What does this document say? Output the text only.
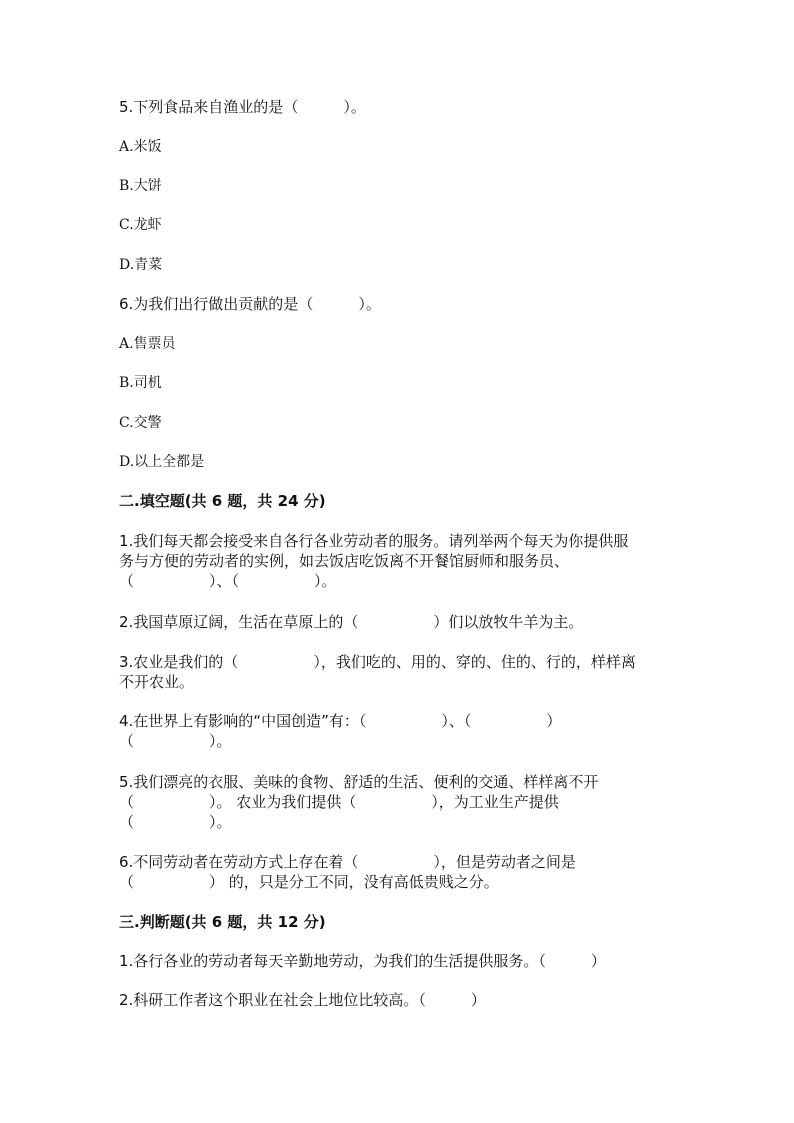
5.下列食品来自渔业的是（　　　）。
A.米饭
B.大饼
C.龙虾
D.青菜
6.为我们出行做出贡献的是（　　　）。
A.售票员
B.司机
C.交警
D.以上全都是
二.填空题(共 6 题，共 24 分)
1.我们每天都会接受来自各行各业劳动者的服务。请列举两个每天为你提供服
务与方便的劳动者的实例，如去饭店吃饭离不开餐馆厨师和服务员、
（　　　　　）、（　　　　　）。
2.我国草原辽阔，生活在草原上的（　　　　　）们以放牧牛羊为主。
3.农业是我们的（　　　　　），我们吃的、用的、穿的、住的、行的，样样离
不开农业。
4.在世界上有影响的“中国创造”有：（　　　　　）、（　　　　　）
（　　　　　）。
5.我们漂亮的衣服、美味的食物、舒适的生活、便利的交通、样样离不开
（　　　　　）。 农业为我们提供（　　　　　），为工业生产提供
（　　　　　）。
6.不同劳动者在劳动方式上存在着（　　　　　），但是劳动者之间是
（　　　　　） 的，只是分工不同，没有高低贵贱之分。
三.判断题(共 6 题，共 12 分)
1.各行各业的劳动者每天辛勤地劳动，为我们的生活提供服务。（　　　）
2.科研工作者这个职业在社会上地位比较高。（　　　）
